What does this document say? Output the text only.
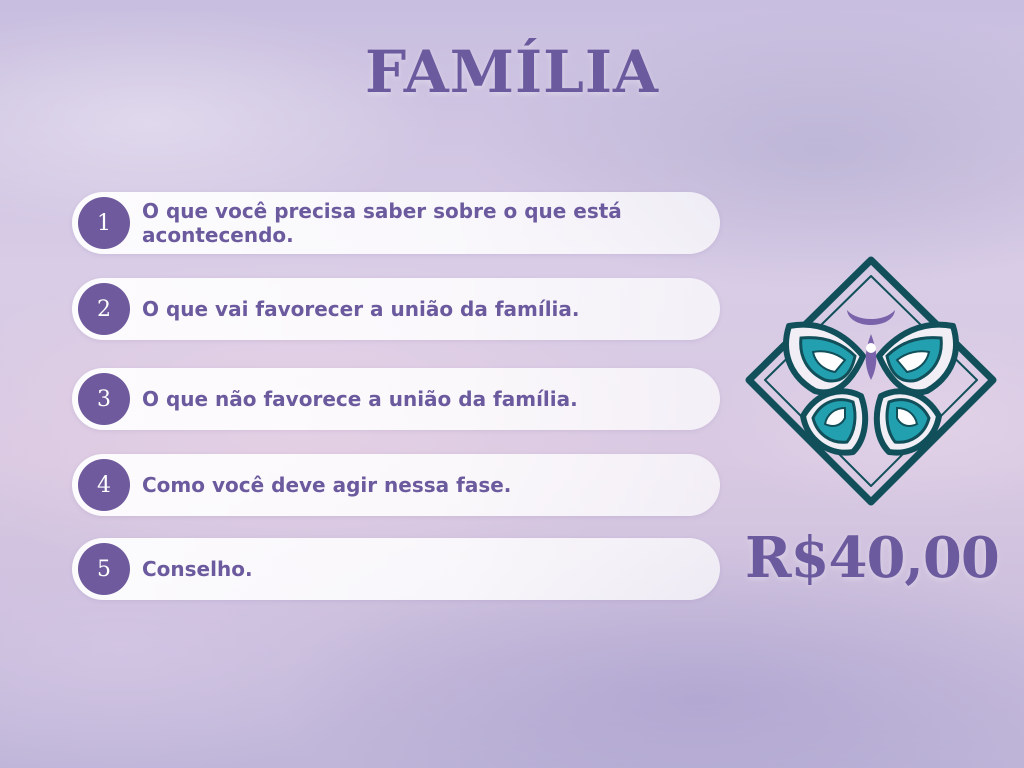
FAMÍLIA
1	O que você precisa saber sobre o que está acontecendo.
2	O que vai favorecer a união da família.
3	O que não favorece a união da família.
4	Como você deve agir nessa fase.
5	Conselho.	R$40,00
